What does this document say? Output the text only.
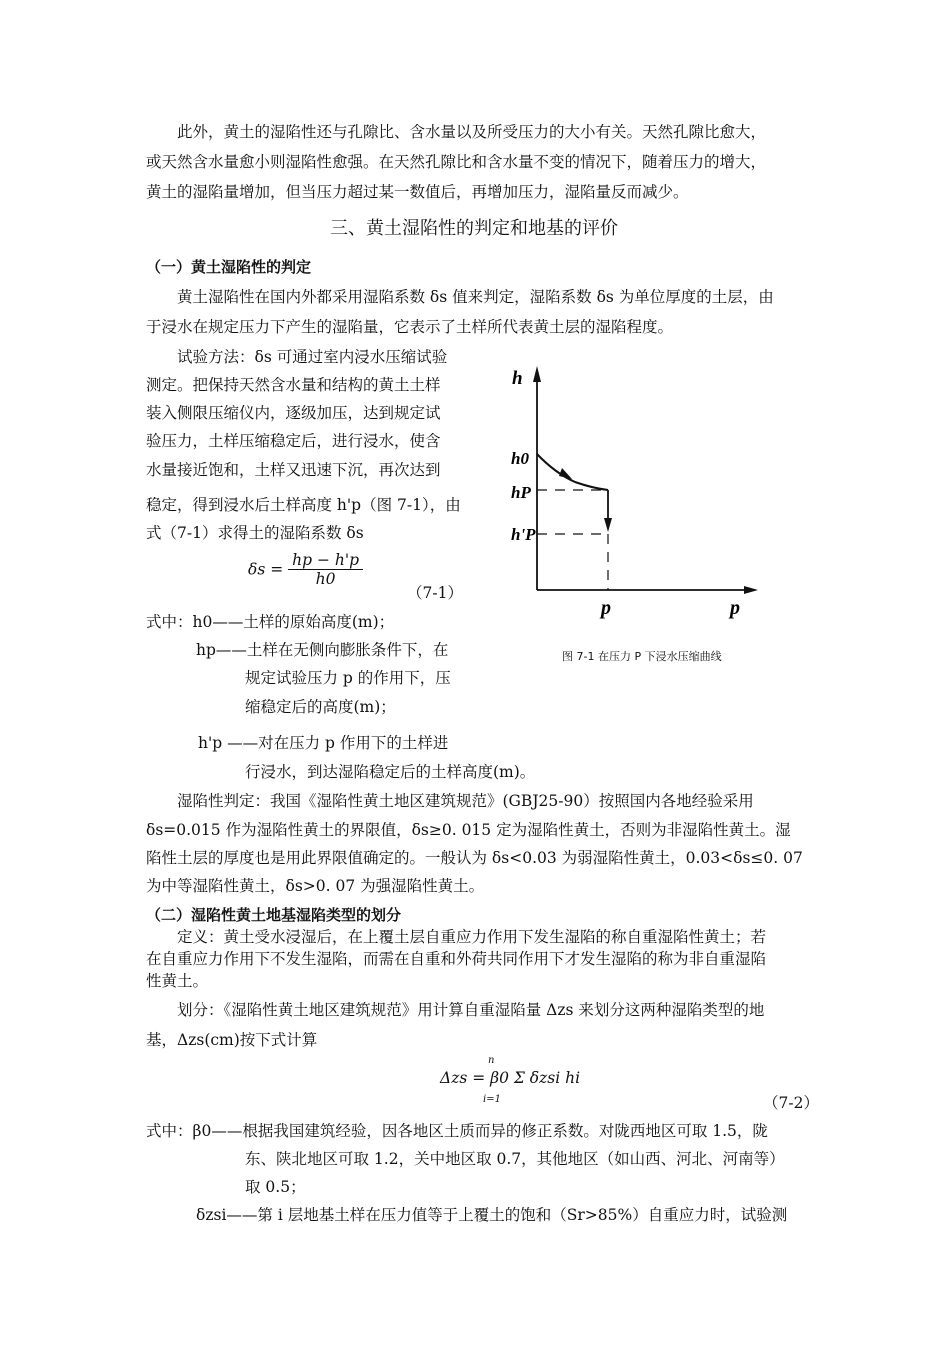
此外，黄土的湿陷性还与孔隙比、含水量以及所受压力的大小有关。天然孔隙比愈大，
或天然含水量愈小则湿陷性愈强。在天然孔隙比和含水量不变的情况下，随着压力的增大，
黄土的湿陷量增加，但当压力超过某一数值后，再增加压力，湿陷量反而减少。
三、黄土湿陷性的判定和地基的评价
（一）黄土湿陷性的判定
黄土湿陷性在国内外都采用湿陷系数 δs 值来判定，湿陷系数 δs 为单位厚度的土层，由
于浸水在规定压力下产生的湿陷量，它表示了土样所代表黄土层的湿陷程度。
试验方法：δs 可通过室内浸水压缩试验
测定。把保持天然含水量和结构的黄土土样
装入侧限压缩仪内，逐级加压，达到规定试
验压力，土样压缩稳定后，进行浸水，使含
水量接近饱和，土样又迅速下沉，再次达到
稳定，得到浸水后土样高度 h'p（图 7-1），由
式（7-1）求得土的湿陷系数 δs
$\delta s = \frac{hp - h'p}{h0}$
（7-1）
式中：h0——土样的原始高度(m)；
hp——土样在无侧向膨胀条件下，在
规定试验压力 p 的作用下，压
缩稳定后的高度(m)；
h'p ——对在压力 p 作用下的土样进
行浸水，到达湿陷稳定后的土样高度(m)。
h
h0
hP
h'P
p	p
图 7-1 在压力 P 下浸水压缩曲线
湿陷性判定：我国《湿陷性黄土地区建筑规范》(GBJ25-90）按照国内各地经验采用
δs=0.015 作为湿陷性黄土的界限值，δs≥0. 015 定为湿陷性黄土，否则为非湿陷性黄土。湿
陷性土层的厚度也是用此界限值确定的。一般认为 δs<0.03 为弱湿陷性黄土，0.03<δs≤0. 07
为中等湿陷性黄土，δs>0. 07 为强湿陷性黄土。
（二）湿陷性黄土地基湿陷类型的划分
定义：黄土受水浸湿后，在上覆土层自重应力作用下发生湿陷的称自重湿陷性黄土；若
在自重应力作用下不发生湿陷，而需在自重和外荷共同作用下才发生湿陷的称为非自重湿陷
性黄土。
划分：《湿陷性黄土地区建筑规范》用计算自重湿陷量 Δzs 来划分这两种湿陷类型的地
基，Δzs(cm)按下式计算
n
Δzs = β0 Σ δzsi hi
i=1	（7-2）
式中：β0——根据我国建筑经验，因各地区土质而异的修正系数。对陇西地区可取 1.5，陇
东、陕北地区可取 1.2，关中地区取 0.7，其他地区（如山西、河北、河南等）
取 0.5；
δzsi——第 i 层地基土样在压力值等于上覆土的饱和（Sr>85%）自重应力时，试验测
